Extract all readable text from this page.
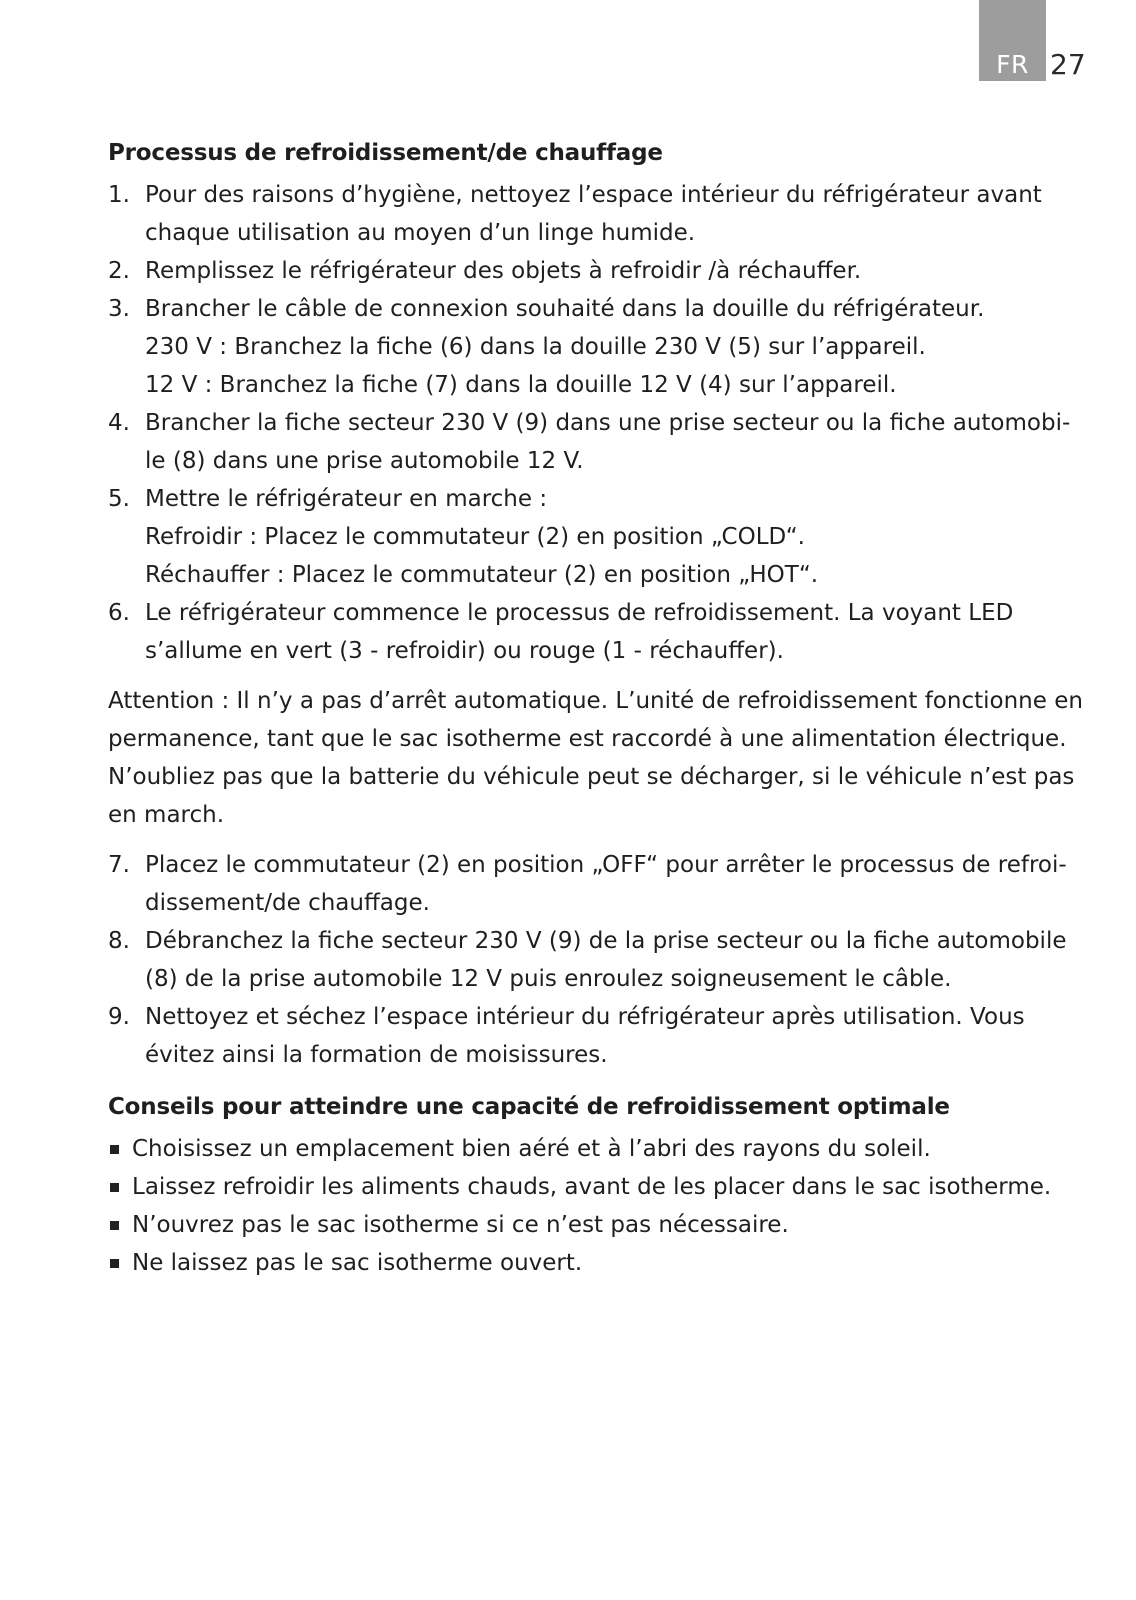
FR 27
Processus de refroidissement/de chauffage
1. Pour des raisons d’hygiène, nettoyez l’espace intérieur du réfrigérateur avant
chaque utilisation au moyen d’un linge humide.
2. Remplissez le réfrigérateur des objets à refroidir /à réchauffer.
3. Brancher le câble de connexion souhaité dans la douille du réfrigérateur.
230 V : Branchez la fiche (6) dans la douille 230 V (5) sur l’appareil.
12 V : Branchez la fiche (7) dans la douille 12 V (4) sur l’appareil.
4. Brancher la fiche secteur 230 V (9) dans une prise secteur ou la fiche automobi-
le (8) dans une prise automobile 12 V.
5. Mettre le réfrigérateur en marche :
Refroidir : Placez le commutateur (2) en position „COLD“.
Réchauffer : Placez le commutateur (2) en position „HOT“.
6. Le réfrigérateur commence le processus de refroidissement. La voyant LED
s’allume en vert (3 - refroidir) ou rouge (1 - réchauffer).
Attention : Il n’y a pas d’arrêt automatique. L’unité de refroidissement fonctionne en
permanence, tant que le sac isotherme est raccordé à une alimentation électrique.
N’oubliez pas que la batterie du véhicule peut se décharger, si le véhicule n’est pas
en march.
7. Placez le commutateur (2) en position „OFF“ pour arrêter le processus de refroi-
dissement/de chauffage.
8. Débranchez la fiche secteur 230 V (9) de la prise secteur ou la fiche automobile
(8) de la prise automobile 12 V puis enroulez soigneusement le câble.
9. Nettoyez et séchez l’espace intérieur du réfrigérateur après utilisation. Vous
évitez ainsi la formation de moisissures.
Conseils pour atteindre une capacité de refroidissement optimale
Choisissez un emplacement bien aéré et à l’abri des rayons du soleil.
Laissez refroidir les aliments chauds, avant de les placer dans le sac isotherme.
N’ouvrez pas le sac isotherme si ce n’est pas nécessaire.
Ne laissez pas le sac isotherme ouvert.
